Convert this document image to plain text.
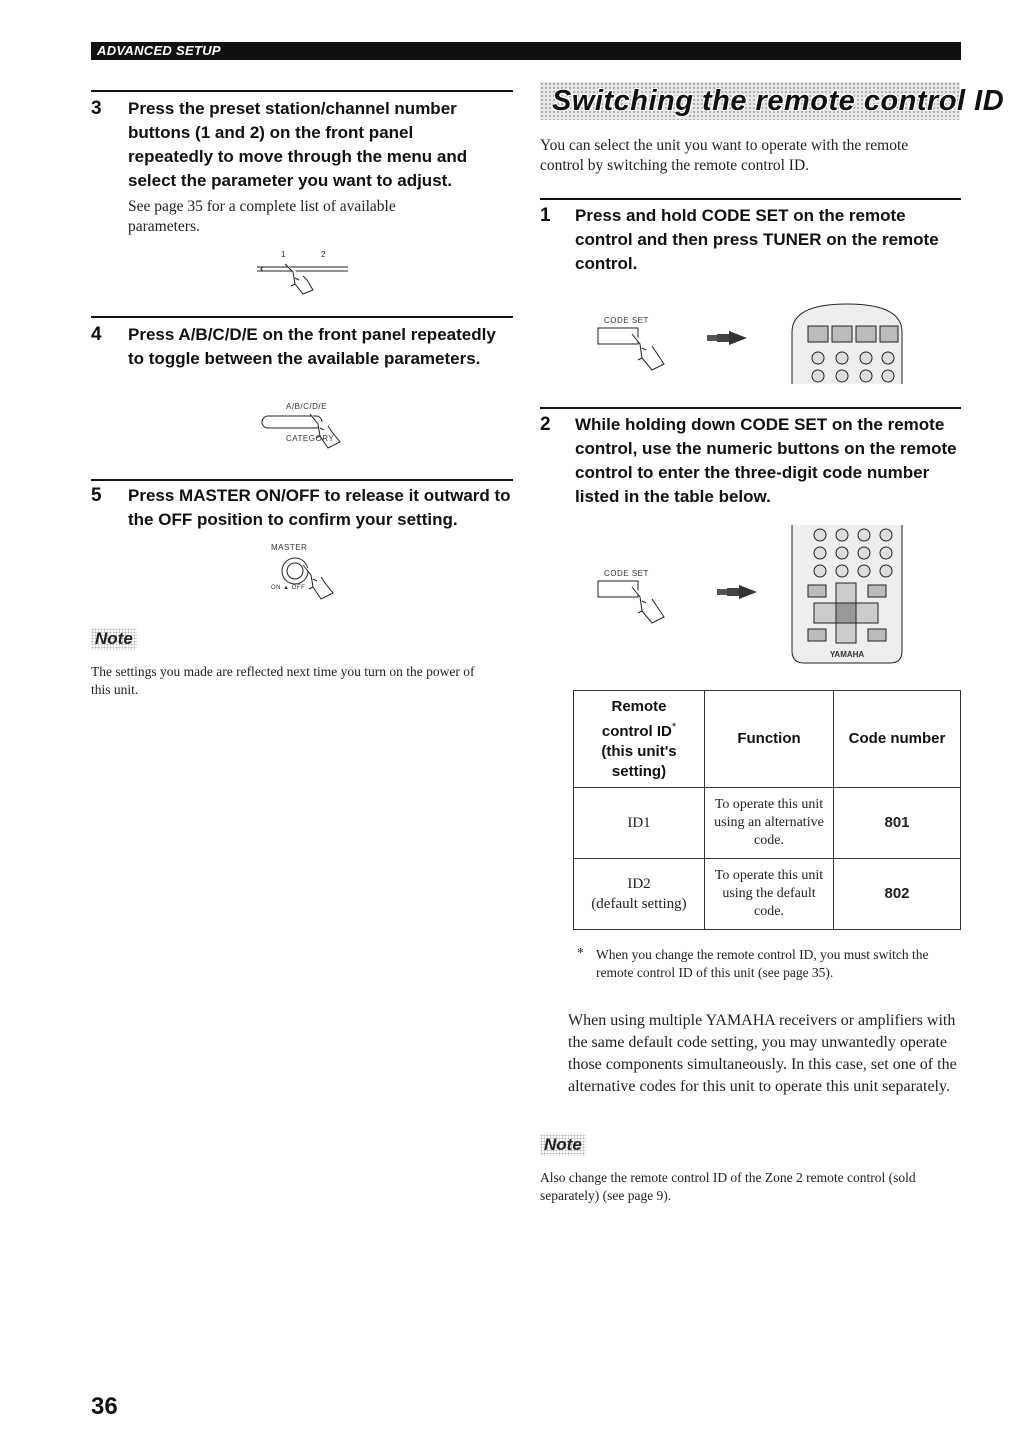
ADVANCED SETUP
3 Press the preset station/channel number buttons (1 and 2) on the front panel repeatedly to move through the menu and select the parameter you want to adjust.

See page 35 for a complete list of available parameters.

1	2
4 Press A/B/C/D/E on the front panel repeatedly to toggle between the available parameters.

A/B/C/D/E
CATEGORY
5 Press MASTER ON/OFF to release it outward to the OFF position to confirm your setting.

MASTER
ON ▲ OFF
Note

The settings you made are reflected next time you turn on the power of this unit.

Switching the remote control ID

You can select the unit you want to operate with the remote control by switching the remote control ID.

1 Press and hold CODE SET on the remote control and then press TUNER on the remote control.

CODE SET
2 While holding down CODE SET on the remote control, use the numeric buttons on the remote control to enter the three-digit code number listed in the table below.

CODE SET
YAMAHA
Remote
control ID*
(this unit's
setting)	Function	Code number
ID1	To operate this unit using an alternative code.	801

ID2
(default setting)	To operate this unit using the default code.	802
* When you change the remote control ID, you must switch the remote control ID of this unit (see page 35).

When using multiple YAMAHA receivers or amplifiers with the same default code setting, you may unwantedly operate those components simultaneously. In this case, set one of the alternative codes for this unit to operate this unit separately.

Note

Also change the remote control ID of the Zone 2 remote control (sold separately) (see page 9).

36
